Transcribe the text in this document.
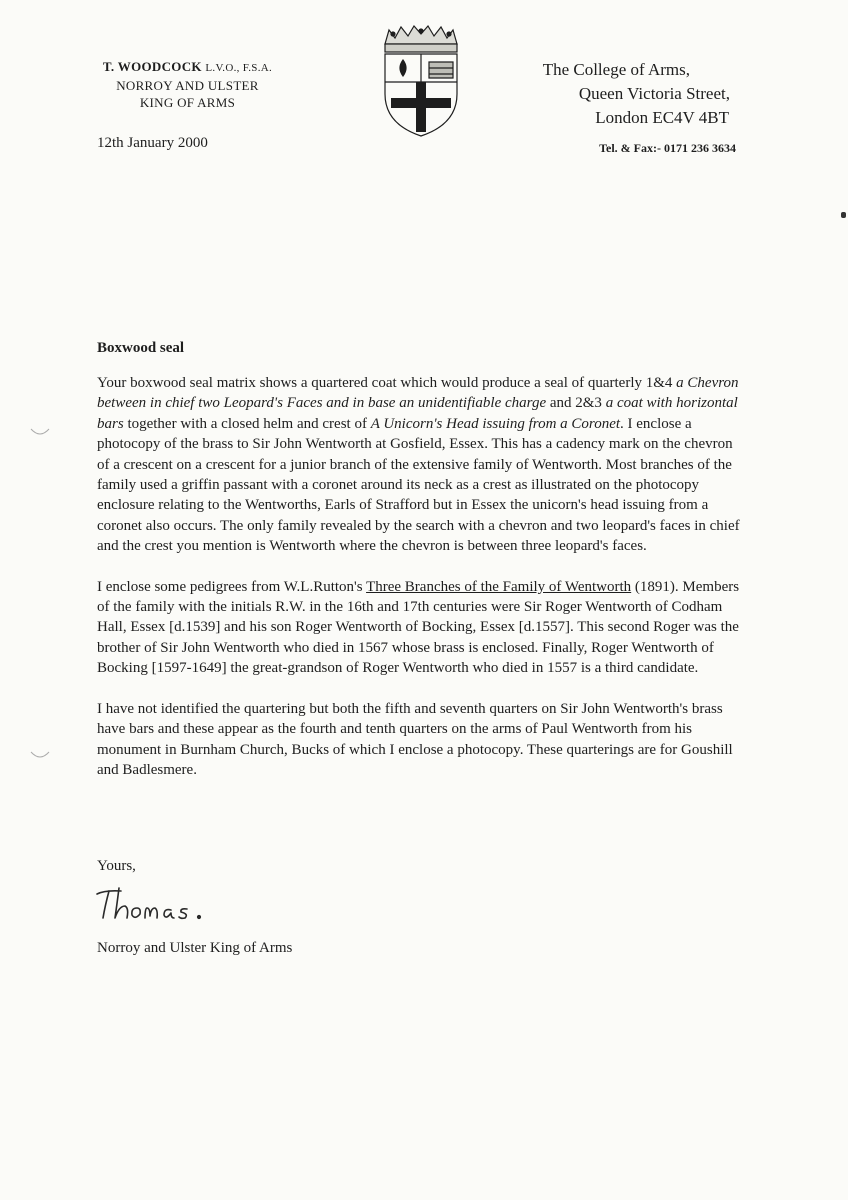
T. WOODCOCK L.V.O., F.S.A.
NORROY AND ULSTER
KING OF ARMS
12th January 2000
The College of Arms,
Queen Victoria Street,
London EC4V 4BT
Tel. & Fax:- 0171 236 3634
Boxwood seal

Your boxwood seal matrix shows a quartered coat which would produce a seal of quarterly 1&4 a Chevron between in chief two Leopard's Faces and in base an unidentifiable charge and 2&3 a coat with horizontal bars together with a closed helm and crest of A Unicorn's Head issuing from a Coronet. I enclose a photocopy of the brass to Sir John Wentworth at Gosfield, Essex. This has a cadency mark on the chevron of a crescent on a crescent for a junior branch of the extensive family of Wentworth. Most branches of the family used a griffin passant with a coronet around its neck as a crest as illustrated on the photocopy enclosure relating to the Wentworths, Earls of Strafford but in Essex the unicorn's head issuing from a coronet also occurs. The only family revealed by the search with a chevron and two leopard's faces in chief and the crest you mention is Wentworth where the chevron is between three leopard's faces.

I enclose some pedigrees from W.L.Rutton's Three Branches of the Family of Wentworth (1891). Members of the family with the initials R.W. in the 16th and 17th centuries were Sir Roger Wentworth of Codham Hall, Essex [d.1539] and his son Roger Wentworth of Bocking, Essex [d.1557]. This second Roger was the brother of Sir John Wentworth who died in 1567 whose brass is enclosed. Finally, Roger Wentworth of Bocking [1597-1649] the great-grandson of Roger Wentworth who died in 1557 is a third candidate.

I have not identified the quartering but both the fifth and seventh quarters on Sir John Wentworth's brass have bars and these appear as the fourth and tenth quarters on the arms of Paul Wentworth from his monument in Burnham Church, Bucks of which I enclose a photocopy. These quarterings are for Goushill and Badlesmere.

Yours,
Norroy and Ulster King of Arms
